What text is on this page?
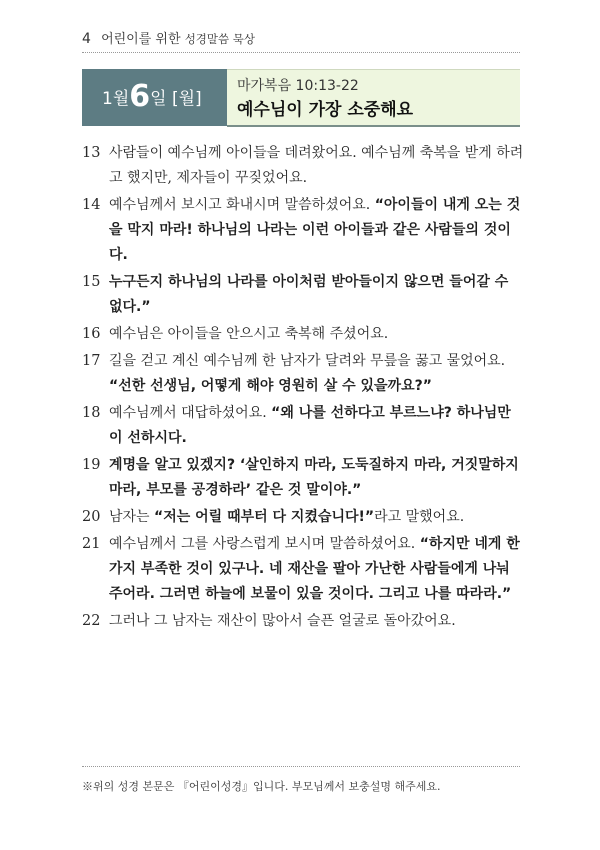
4 어린이를 위한 성경말씀 묵상
1월6일 [월]
마가복음 10:13-22
예수님이 가장 소중해요
13 사람들이 예수님께 아이들을 데려왔어요. 예수님께 축복을 받게 하려고 했지만, 제자들이 꾸짖었어요.
14 예수님께서 보시고 화내시며 말씀하셨어요. “아이들이 내게 오는 것을 막지 마라! 하나님의 나라는 이런 아이들과 같은 사람들의 것이다.
15 누구든지 하나님의 나라를 아이처럼 받아들이지 않으면 들어갈 수 없다.”
16 예수님은 아이들을 안으시고 축복해 주셨어요.
17 길을 걷고 계신 예수님께 한 남자가 달려와 무릎을 꿇고 물었어요. “선한 선생님, 어떻게 해야 영원히 살 수 있을까요?”
18 예수님께서 대답하셨어요. “왜 나를 선하다고 부르느냐? 하나님만이 선하시다.
19 계명을 알고 있겠지? ‘살인하지 마라, 도둑질하지 마라, 거짓말하지 마라, 부모를 공경하라’ 같은 것 말이야.”
20 남자는 “저는 어릴 때부터 다 지켰습니다!”라고 말했어요.
21 예수님께서 그를 사랑스럽게 보시며 말씀하셨어요. “하지만 네게 한 가지 부족한 것이 있구나. 네 재산을 팔아 가난한 사람들에게 나눠 주어라. 그러면 하늘에 보물이 있을 것이다. 그리고 나를 따라라.”
22 그러나 그 남자는 재산이 많아서 슬픈 얼굴로 돌아갔어요.
※위의 성경 본문은 『어린이성경』입니다. 부모님께서 보충설명 해주세요.
